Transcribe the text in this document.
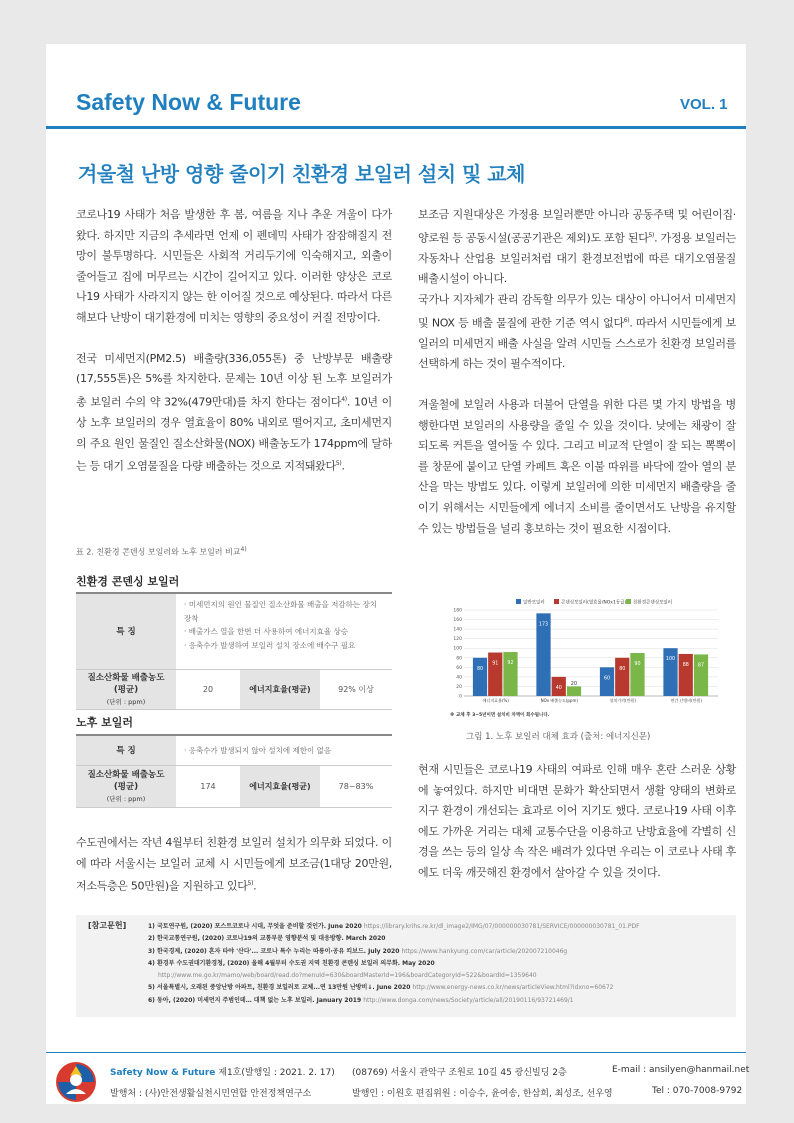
Safety Now & Future	VOL. 1
겨울철 난방 영향 줄이기 친환경 보일러 설치 및 교체

코로나19 사태가 처음 발생한 후 봄, 여름을 지나 추운 겨울이 다가왔다. 하지만 지금의 추세라면 언제 이 펜데믹 사태가 잠잠해질지 전망이 불투명하다. 시민들은 사회적 거리두기에 익숙해지고, 외출이 줄어들고 집에 머무르는 시간이 길어지고 있다. 이러한 양상은 코로나19 사태가 사라지지 않는 한 이어질 것으로 예상된다. 따라서 다른 해보다 난방이 대기환경에 미치는 영향의 중요성이 커질 전망이다.

전국 미세먼지(PM2.5) 배출량(336,055톤) 중 난방부문 배출량(17,555톤)은 5%를 차지한다. 문제는 10년 이상 된 노후 보일러가 총 보일러 수의 약 32%(479만대)를 차지 한다는 점이다$^{4)}$. 10년 이상 노후 보일러의 경우 열효율이 80% 내외로 떨어지고, 초미세먼지의 주요 원인 물질인 질소산화물(NOX) 배출농도가 174ppm에 달하는 등 대기 오염물질을 다량 배출하는 것으로 지적돼왔다$^{5)}$.

표 2. 친환경 콘덴싱 보일러와 노후 보일러 비교$^{4)}$
친환경 콘덴싱 보일러
특 징
· 미세먼지의 원인 물질인 질소산화물 배출을 저감하는 장치 장착
· 배출가스 열을 한번 더 사용하여 에너지효율 상승
· 응축수가 발생하여 보일러 설치 장소에 배수구 필요
질소산화물 배출농도 (평균)
(단위 : ppm)
20	에너지효율(평균)	92% 이상
노후 보일러
특 징	· 응축수가 발생되지 않아 설치에 제한이 없음
질소산화물 배출농도 (평균)
(단위 : ppm)
174	에너지효율(평균)	78~83%

수도권에서는 작년 4월부터 친환경 보일러 설치가 의무화 되었다. 이에 따라 서울시는 보일러 교체 시 시민들에게 보조금(1대당 20만원, 저소득층은 50만원)을 지원하고 있다$^{5)}$.

보조금 지원대상은 가정용 보일러뿐만 아니라 공동주택 및 어린이집·양로원 등 공동시설(공공기관은 제외)도 포함 된다$^{5)}$. 가정용 보일러는 자동차나 산업용 보일러처럼 대기 환경보전법에 따른 대기오염물질 배출시설이 아니다.

국가나 지자체가 관리 감독할 의무가 있는 대상이 아니어서 미세먼지 및 NOX 등 배출 물질에 관한 기준 역시 없다$^{6)}$. 따라서 시민들에게 보일러의 미세먼지 배출 사실을 알려 시민들 스스로가 친환경 보일러를 선택하게 하는 것이 필수적이다.

겨울철에 보일러 사용과 더불어 단열을 위한 다른 몇 가지 방법을 병행한다면 보일러의 사용량을 줄일 수 있을 것이다. 낮에는 채광이 잘되도록 커튼을 열어둘 수 있다. 그리고 비교적 단열이 잘 되는 뽁뽁이를 창문에 붙이고 단열 카페트 혹은 이불 따위를 바닥에 깔아 열의 분산을 막는 방법도 있다. 이렇게 보일러에 의한 미세먼지 배출량을 줄이기 위해서는 시민들에게 에너지 소비를 줄이면서도 난방을 유지할 수 있는 방법들을 널리 홍보하는 것이 필요한 시점이다.

0
20
40
60
80
100
120
140
160
180
일반보일러	콘덴싱보일러(열효율/NOx1등급) 친환경콘덴싱보일러
80
91 92
에너지효율(%)
173
40
20
NOx 배출농도(ppm)
60
80
90
설치가격(만원)
100
88 87
연간 난방비(만원)
※ 교체 후 3~5년이면 설치비 차액이 회수됩니다.
그림 1. 노후 보일러 대체 효과 (출처: 에너지신문)

현재 시민들은 코로나19 사태의 여파로 인해 매우 혼란 스러운 상황에 놓여있다. 하지만 비대면 문화가 확산되면서 생활 양태의 변화로 지구 환경이 개선되는 효과로 이어 지기도 했다. 코로나19 사태 이후에도 가까운 거리는 대체 교통수단을 이용하고 난방효율에 각별히 신경을 쓰는 등의 일상 속 작은 배려가 있다면 우리는 이 코로나 사태 후에도 더욱 깨끗해진 환경에서 살아갈 수 있을 것이다.

[참고문헌]	1) 국토연구원, (2020) 포스트코로나 시대, 무엇을 준비할 것인가. June 2020 https://library.krihs.re.kr/dl_image2/IMG/07/000000030781/SERVICE/000000030781_01.PDF
2) 한국교통연구원, (2020) 코로나19의 교통부문 영향분석 및 대응방향. March 2020
3) 한국경제, (2020) 혼자 타야 '산다'... 코로나 특수 누리는 따릉이·공유 킥보드. July 2020 https://www.hankyung.com/car/article/202007210046g
4) 환경부 수도권대기환경청, (2020) 올해 4월부터 수도권 지역 친환경 콘덴싱 보일러 의무화. May 2020
http://www.me.go.kr/mamo/web/board/read.do?menuId=630&boardMasterId=196&boardCategoryId=522&boardId=1359640
5) 서울특별시, 오래된 중앙난방 아파트, 친환경 보일러로 교체...연 13만원 난방비↓. June 2020 http://www.energy-news.co.kr/news/articleView.html?idxno=60672
6) 동아, (2020) 미세먼지 주범인데… 대책 없는 노후 보일러. January 2019 http://www.donga.com/news/Society/article/all/20190116/93721469/1
Safety Now & Future 제1호(발행일 : 2021. 2. 17) (08769) 서울시 관악구 조원로 10길 45 광신빌딩 2층	E-mail : ansilyen@hanmail.net
발행처 : (사)안전생활실천시민연합 안전정책연구소	발행인 : 이원호 편집위원 : 이승수, 윤여송, 한삼희, 최성조, 선우영	Tel : 070-7008-9792
